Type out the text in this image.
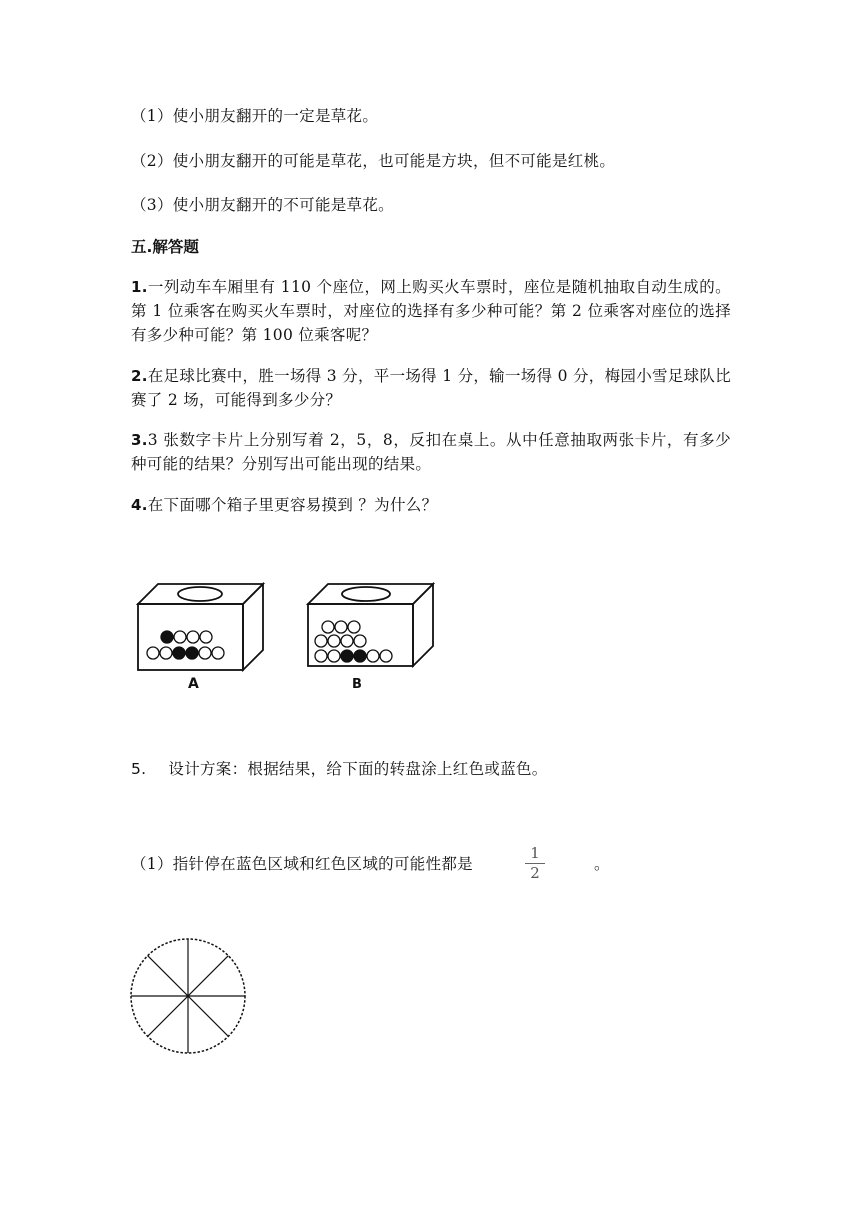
（1）使小朋友翻开的一定是草花。
（2）使小朋友翻开的可能是草花，也可能是方块，但不可能是红桃。
（3）使小朋友翻开的不可能是草花。
五.解答题
1.一列动车车厢里有 110 个座位，网上购买火车票时，座位是随机抽取自动生成的。第 1 位乘客在购买火车票时，对座位的选择有多少种可能？第 2 位乘客对座位的选择有多少种可能？第 100 位乘客呢？
2.在足球比赛中，胜一场得 3 分，平一场得 1 分，输一场得 0 分，梅园小雪足球队比赛了 2 场，可能得到多少分？
3.3 张数字卡片上分别写着 2，5，8，反扣在桌上。从中任意抽取两张卡片，有多少种可能的结果？分别写出可能出现的结果。
4.在下面哪个箱子里更容易摸到 ？为什么？
A	B
5. 设计方案：根据结果，给下面的转盘涂上红色或蓝色。
（1）指针停在蓝色区域和红色区域的可能性都是
1
2	。
